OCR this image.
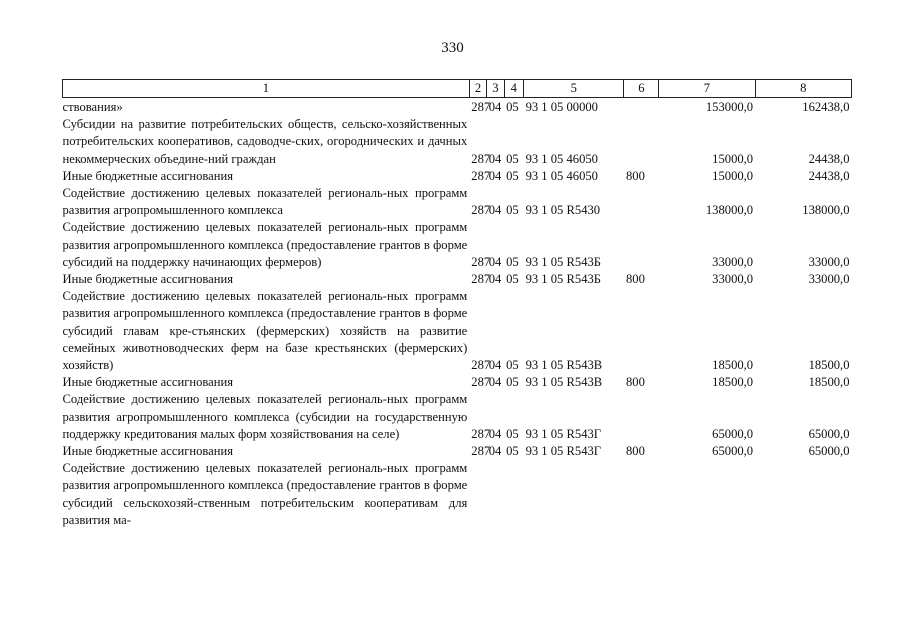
330
1	2	3	4	5	6	7	8
ствования»	287	04	05	93 1 05 00000		153000,0	162438,0
Субсидии на развитие потребительских обществ, сельско-хозяйственных потребительских кооперативов, садоводче-ских, огороднических и дачных некоммерческих объедине-ний граждан	287	04	05	93 1 05 46050		15000,0	24438,0
Иные бюджетные ассигнования	287	04	05	93 1 05 46050	800	15000,0	24438,0
Содействие достижению целевых показателей региональ-ных программ развития агропромышленного комплекса	287	04	05	93 1 05 R5430		138000,0	138000,0
Содействие достижению целевых показателей региональ-ных программ развития агропромышленного комплекса (предоставление грантов в форме субсидий на поддержку начинающих фермеров)	287	04	05	93 1 05 R543Б		33000,0	33000,0
Иные бюджетные ассигнования	287	04	05	93 1 05 R543Б	800	33000,0	33000,0
Содействие достижению целевых показателей региональ-ных программ развития агропромышленного комплекса (предоставление грантов в форме субсидий главам кре-стьянских (фермерских) хозяйств на развитие семейных животноводческих ферм на базе крестьянских (фермерских) хозяйств)	287	04	05	93 1 05 R543В		18500,0	18500,0
Иные бюджетные ассигнования	287	04	05	93 1 05 R543В	800	18500,0	18500,0
Содействие достижению целевых показателей региональ-ных программ развития агропромышленного комплекса (субсидии на государственную поддержку кредитования малых форм хозяйствования на селе)	287	04	05	93 1 05 R543Г		65000,0	65000,0
Иные бюджетные ассигнования	287	04	05	93 1 05 R543Г	800	65000,0	65000,0
Содействие достижению целевых показателей региональ-ных программ развития агропромышленного комплекса (предоставление грантов в форме субсидий сельскохозяй-ственным потребительским кооперативам для развития ма-							
